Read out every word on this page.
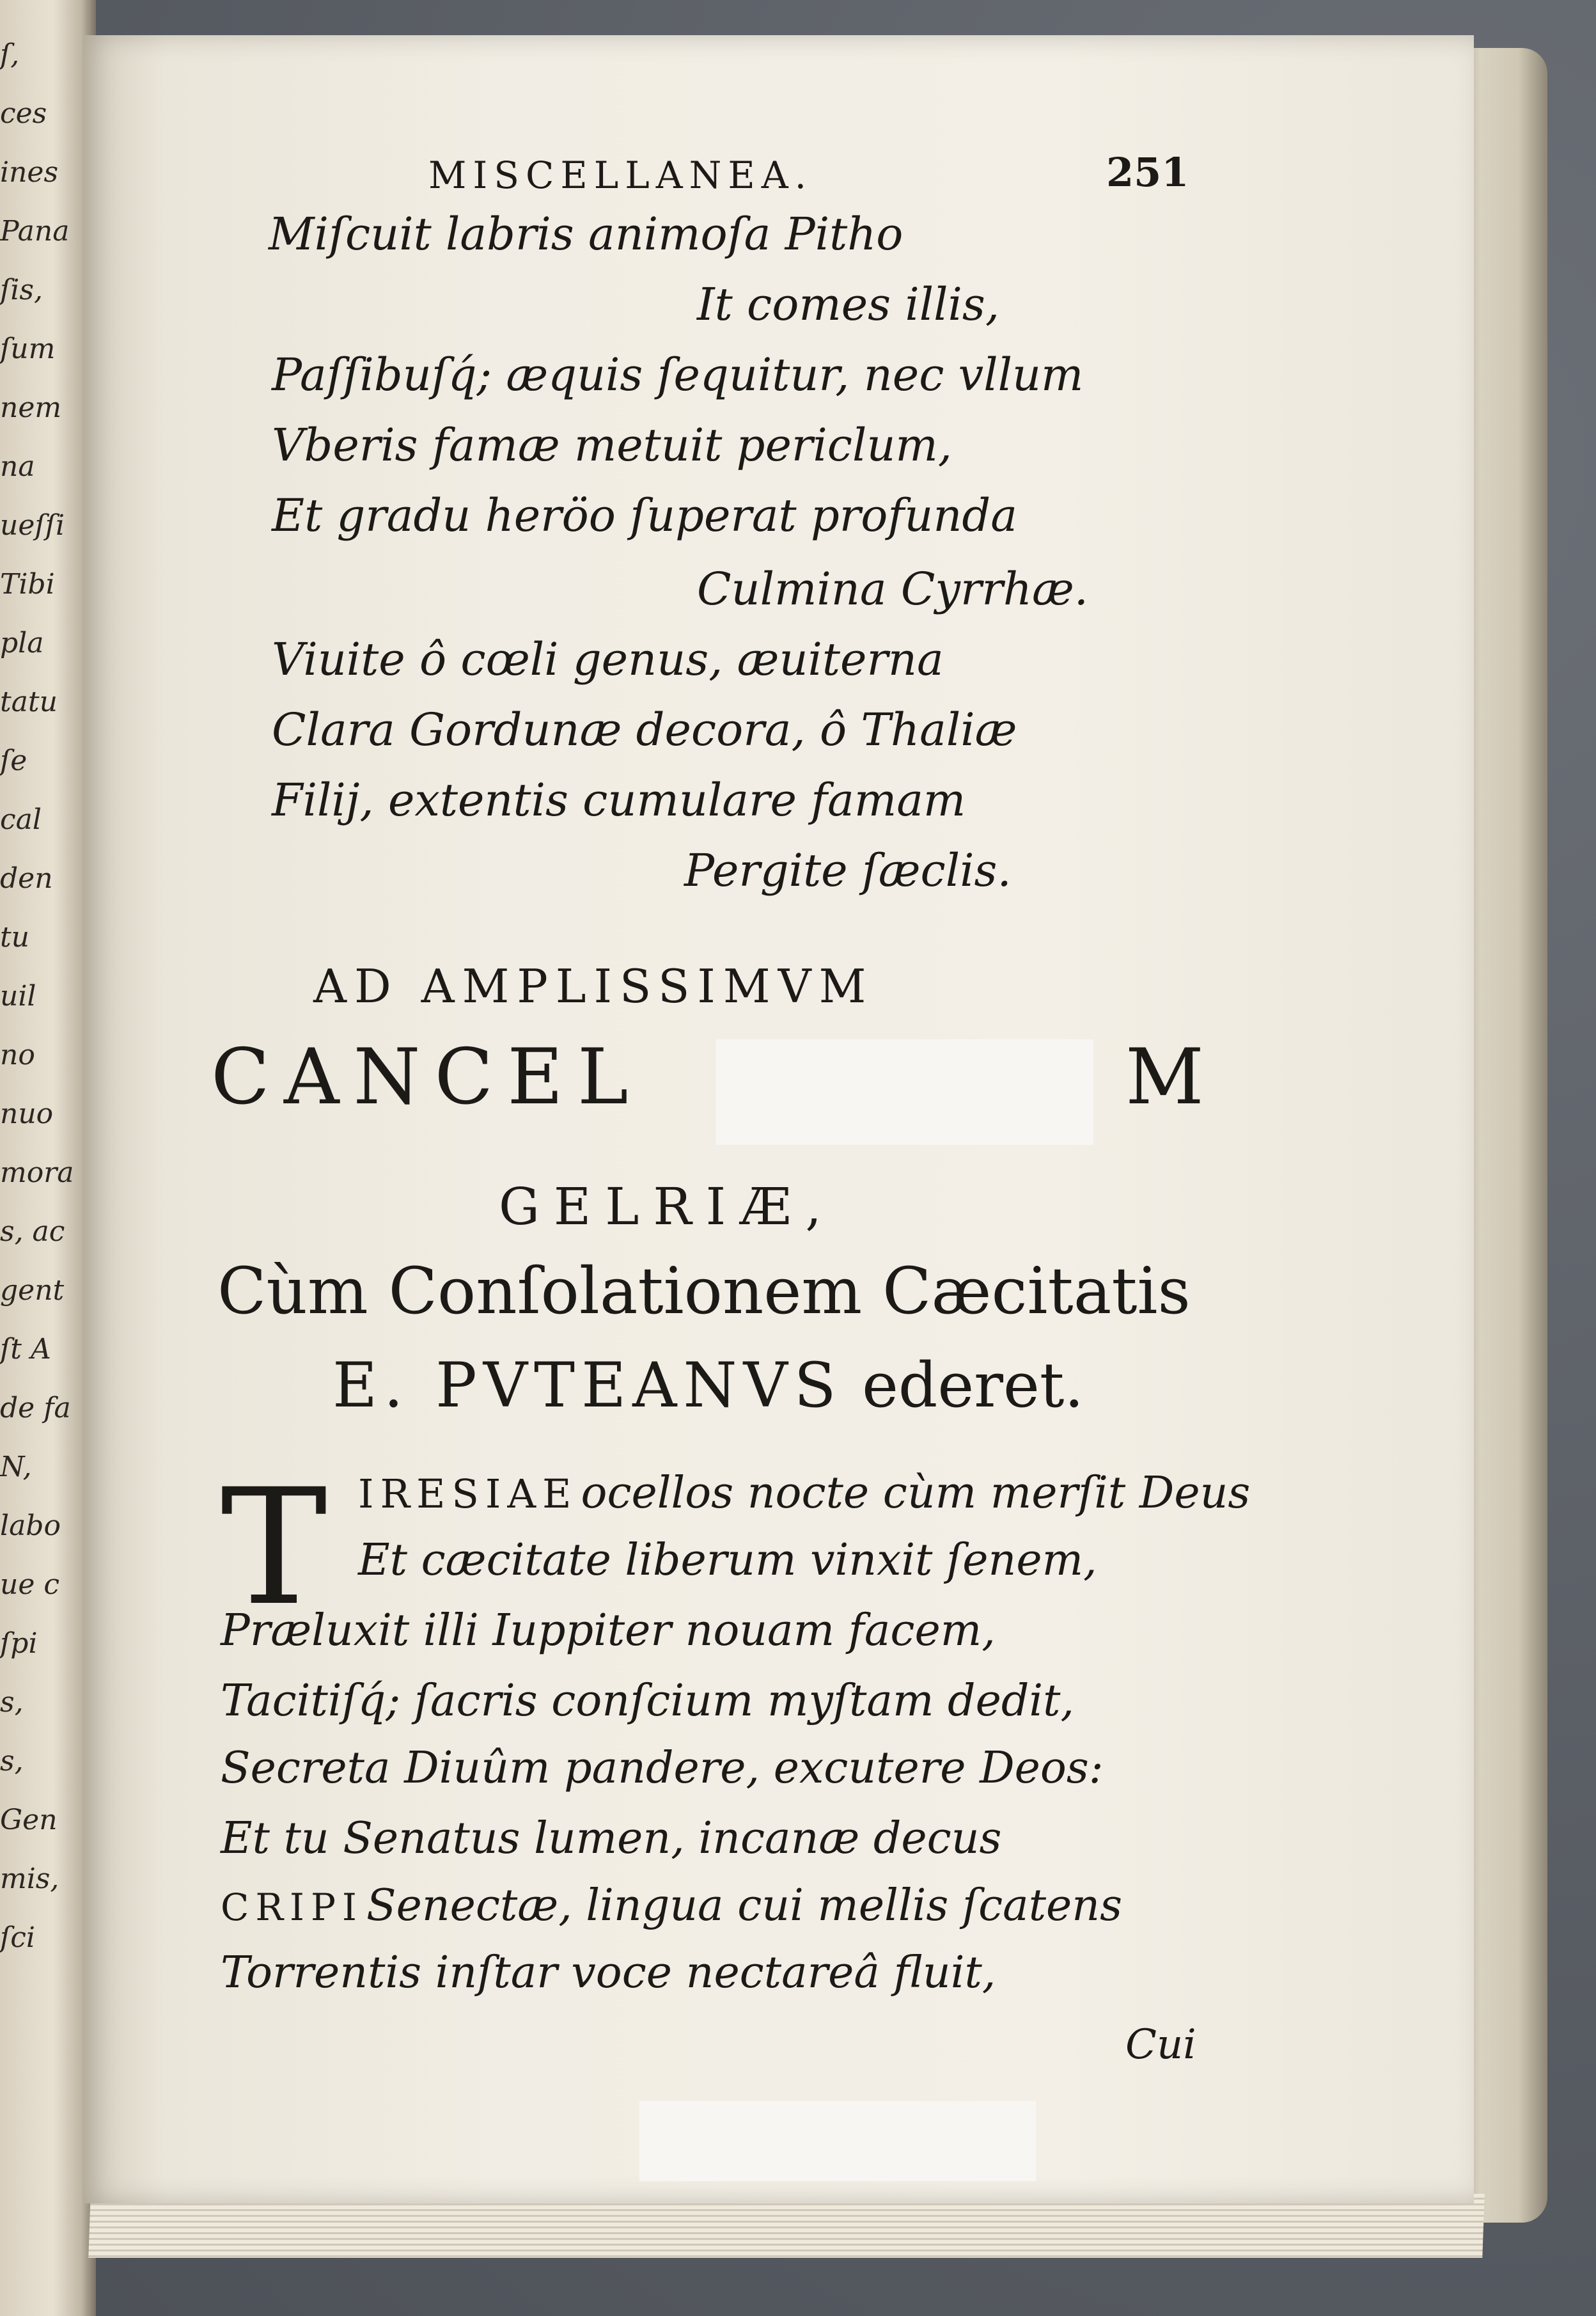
ſ,
ces
ines
Pana
ſis,
ſum
nem
na
ueſſi
Tibi
pla
tatu
ſe
cal
den
tu
uil
no
nuo
mora
s, ac
gent
ſt A
de fa
N,
labo
ue c
ſpi
s,
s,
Gen
mis,
ſci
MISCELLANEA.	251
Miſcuit labris animoſa Pitho
It comes illis,
Paſſibuſq́; æquis ſequitur, nec vllum
Vberis famæ metuit periclum,
Et gradu heröo ſuperat profunda
Culmina Cyrrhæ.
Viuite ô cœli genus, æuiterna
Clara Gordunæ decora, ô Thaliæ
Filij, extentis cumulare famam
Pergite ſæclis.
AD AMPLISSIMVM
CANCEL	M
GELRIÆ,
Cùm Conſolationem Cæcitatis
E. PVTEANVS ederet.
T IRESIAE ocellos nocte cùm merſit Deus
Et cæcitate liberum vinxit ſenem,
Præluxit illi Iuppiter nouam facem,
Tacitiſq́; ſacris conſcium myſtam dedit,
Secreta Diuûm pandere, excutere Deos:
Et tu Senatus lumen, incanæ decus
CRIPI Senectæ, lingua cui mellis ſcatens
Torrentis inſtar voce nectareâ fluit,
Cui
